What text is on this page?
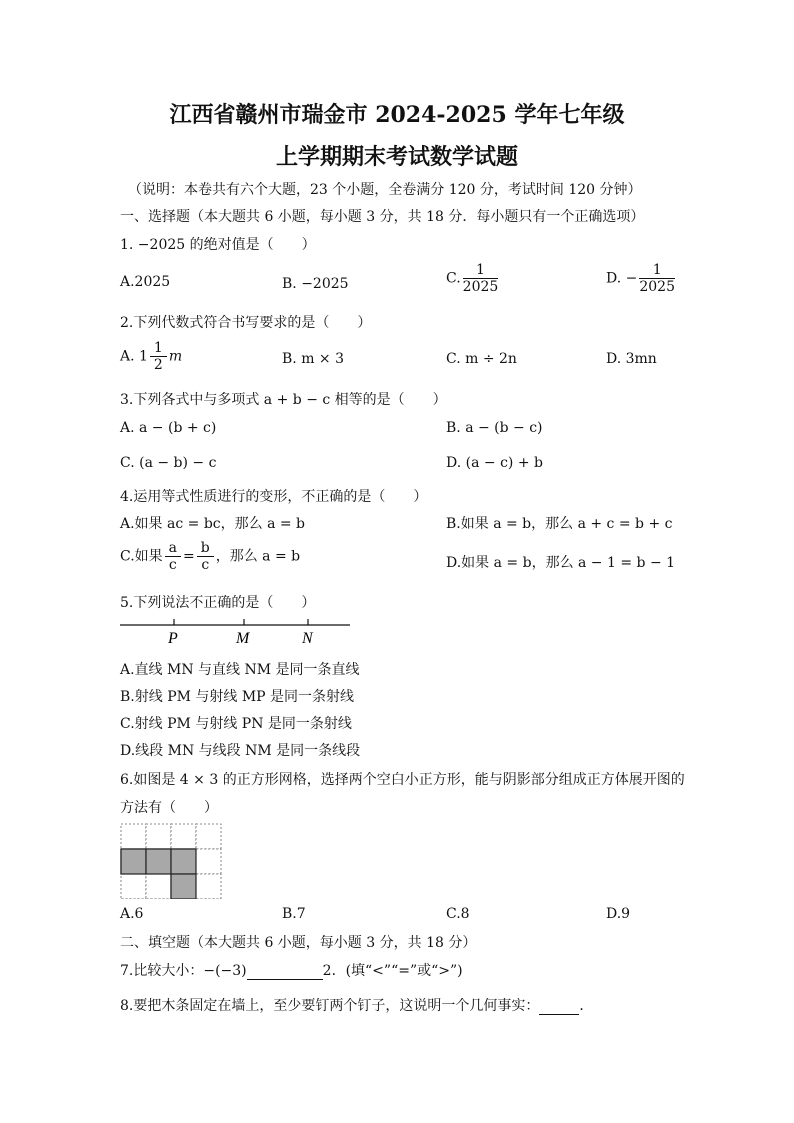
江西省赣州市瑞金市 2024-2025 学年七年级
上学期期末考试数学试题
（说明：本卷共有六个大题，23 个小题，全卷满分 120 分，考试时间 120 分钟）
一、选择题（本大题共 6 小题，每小题 3 分，共 18 分．每小题只有一个正确选项）
1. −2025 的绝对值是（　　）
A.2025	B. −2025	C. $\frac{1}{2025}$	D. − $\frac{1}{2025}$
2.下列代数式符合书写要求的是（　　）
A. $1 \frac{1}{2}$ m	B. m × 3	C. m ÷ 2n	D. 3mn
3.下列各式中与多项式 a + b − c 相等的是（　　）
A. a − (b + c)	B. a − (b − c)
C. (a − b) − c	D. (a − c) + b
4.运用等式性质进行的变形，不正确的是（　　）
A.如果 ac = bc，那么 a = b	B.如果 a = b，那么 a + c = b + c
C.如果 $\frac{a}{c} = \frac{b}{c}$ ，那么 a = b	D.如果 a = b，那么 a − 1 = b − 1
5.下列说法不正确的是（　　）
P	M	N
A.直线 MN 与直线 NM 是同一条直线
B.射线 PM 与射线 MP 是同一条射线
C.射线 PM 与射线 PN 是同一条射线
D.线段 MN 与线段 NM 是同一条线段
6.如图是 4 × 3 的正方形网格，选择两个空白小正方形，能与阴影部分组成正方体展开图的
方法有（　　）
A.6	B.7	C.8	D.9
二、填空题（本大题共 6 小题，每小题 3 分，共 18 分）
7.比较大小：−(−3)	2．(填“<”“=”或“>”)
8.要把木条固定在墙上，至少要钉两个钉子，这说明一个几何事实：	．
